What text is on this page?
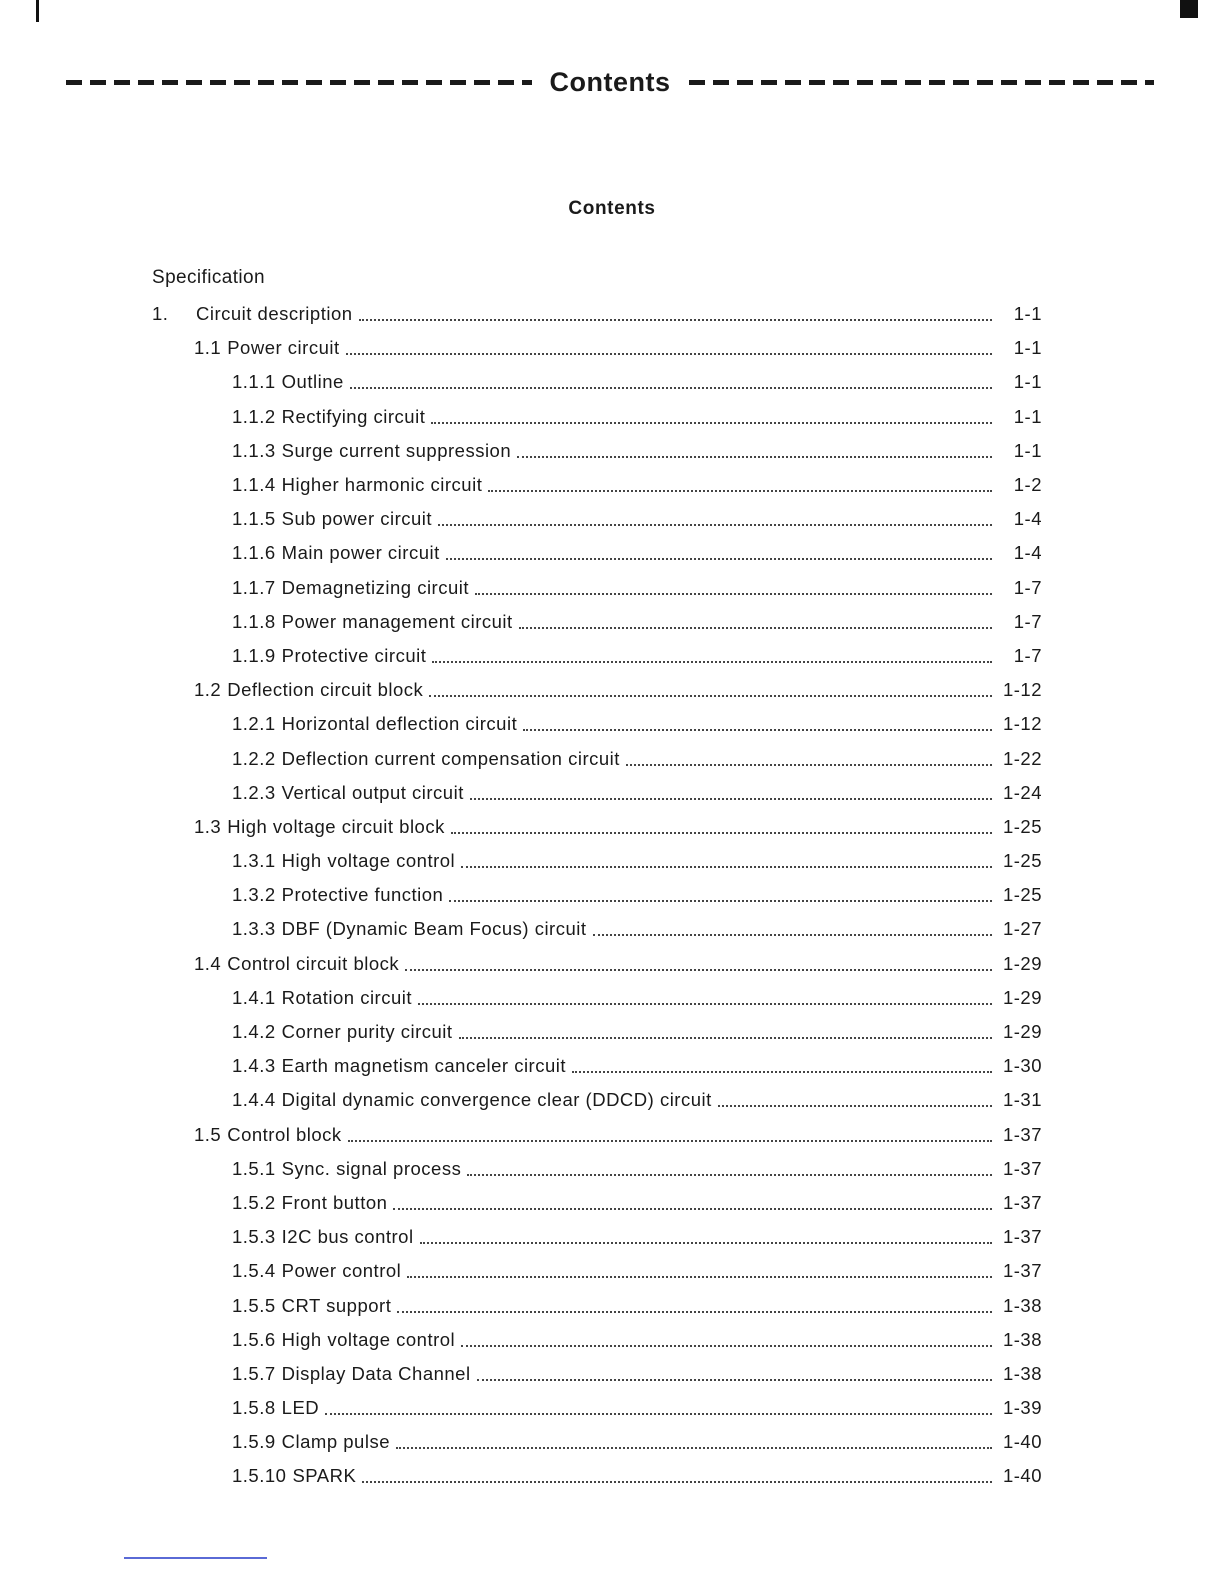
Contents
Contents
Specification
1.	Circuit description	1-1
1.1 Power circuit	1-1
1.1.1 Outline	1-1
1.1.2 Rectifying circuit	1-1
1.1.3 Surge current suppression	1-1
1.1.4 Higher harmonic circuit	1-2
1.1.5 Sub power circuit	1-4
1.1.6 Main power circuit	1-4
1.1.7 Demagnetizing circuit	1-7
1.1.8 Power management circuit	1-7
1.1.9 Protective circuit	1-7
1.2 Deflection circuit block	1-12
1.2.1 Horizontal deflection circuit	1-12
1.2.2 Deflection current compensation circuit	1-22
1.2.3 Vertical output circuit	1-24
1.3 High voltage circuit block	1-25
1.3.1 High voltage control	1-25
1.3.2 Protective function	1-25
1.3.3 DBF (Dynamic Beam Focus) circuit	1-27
1.4 Control circuit block	1-29
1.4.1 Rotation circuit	1-29
1.4.2 Corner purity circuit	1-29
1.4.3 Earth magnetism canceler circuit	1-30
1.4.4 Digital dynamic convergence clear (DDCD) circuit	1-31
1.5 Control block	1-37
1.5.1 Sync. signal process	1-37
1.5.2 Front button	1-37
1.5.3 I2C bus control	1-37
1.5.4 Power control	1-37
1.5.5 CRT support	1-38
1.5.6 High voltage control	1-38
1.5.7 Display Data Channel	1-38
1.5.8 LED	1-39
1.5.9 Clamp pulse	1-40
1.5.10 SPARK	1-40
